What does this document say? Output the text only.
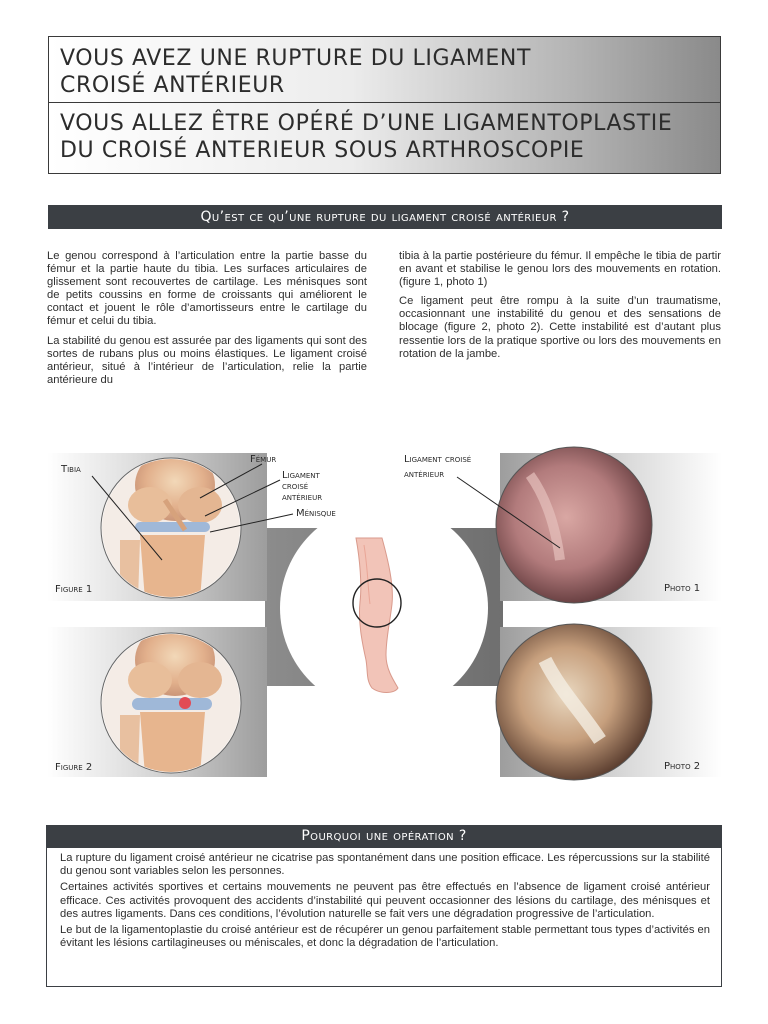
VOUS AVEZ UNE RUPTURE DU LIGAMENT
CROISÉ ANTÉRIEUR
VOUS ALLEZ ÊTRE OPÉRÉ D’UNE LIGAMENTOPLASTIE
DU CROISÉ ANTERIEUR SOUS ARTHROSCOPIE
Qu’est ce qu’une rupture du ligament croisé antérieur ?

Le genou correspond à l’articulation entre la partie basse du fémur et la partie haute du tibia. Les surfaces articulaires de glissement sont recouvertes de cartilage. Les ménisques sont de petits coussins en forme de croissants qui améliorent le contact et jouent le rôle d’amortisseurs entre le cartilage du fémur et celui du tibia.

La stabilité du genou est assurée par des ligaments qui sont des sortes de rubans plus ou moins élastiques. Le ligament croisé antérieur, situé à l’intérieur de l’articulation, relie la partie antérieure du

tibia à la partie postérieure du fémur. Il empêche le tibia de partir en avant et stabilise le genou lors des mouvements en rotation. (figure 1, photo 1)

Ce ligament peut être rompu à la suite d’un traumatisme, occasionnant une instabilité du genou et des sensations de blocage (figure 2, photo 2). Cette instabilité est d’autant plus ressentie lors de la pratique sportive ou lors des mouvements en rotation de la jambe.

Tibia
Fémur
Ligament
croisé
antérieur
Ménisque
Figure 1
Figure 2
Ligament croisé
antérieur
Photo 1
Photo 2
Pourquoi une opération ?

La rupture du ligament croisé antérieur ne cicatrise pas spontanément dans une position efficace. Les répercussions sur la stabilité du genou sont variables selon les personnes.

Certaines activités sportives et certains mouvements ne peuvent pas être effectués en l’absence de ligament croisé antérieur efficace. Ces activités provoquent des accidents d’instabilité qui peuvent occasionner des lésions du cartilage, des ménisques et des autres ligaments. Dans ces conditions, l’évolution naturelle se fait vers une dégradation progressive de l’articulation.

Le but de la ligamentoplastie du croisé antérieur est de récupérer un genou parfaitement stable permettant tous types d’activités en évitant les lésions cartilagineuses ou méniscales, et donc la dégradation de l’articulation.
